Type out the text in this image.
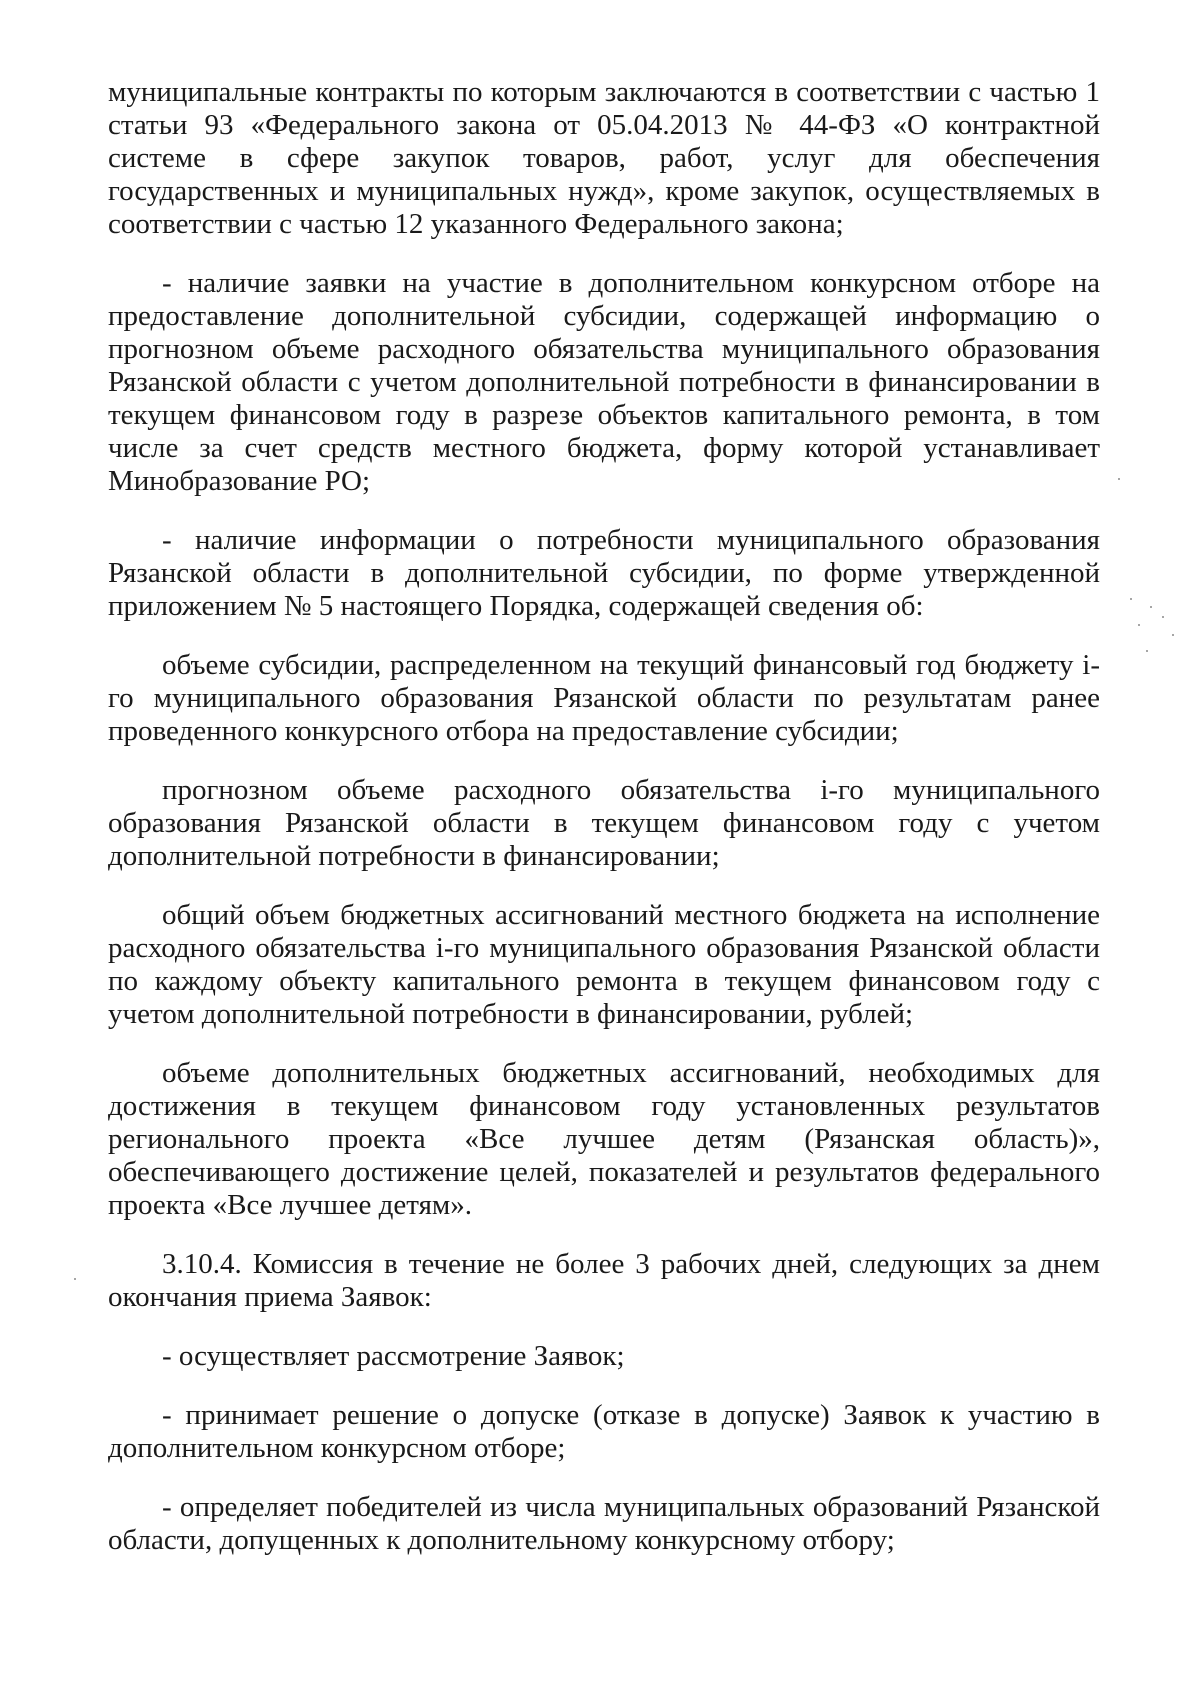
муниципальные контракты по которым заключаются в соответствии с частью 1 статьи 93 «Федерального закона от 05.04.2013 № 44-ФЗ «О контрактной системе в сфере закупок товаров, работ, услуг для обеспечения государственных и муниципальных нужд», кроме закупок, осуществляемых в соответствии с частью 12 указанного Федерального закона;

- наличие заявки на участие в дополнительном конкурсном отборе на предоставление дополнительной субсидии, содержащей информацию о прогнозном объеме расходного обязательства муниципального образования Рязанской области с учетом дополнительной потребности в финансировании в текущем финансовом году в разрезе объектов капитального ремонта, в том числе за счет средств местного бюджета, форму которой устанавливает Минобразование РО;

- наличие информации о потребности муниципального образования Рязанской области в дополнительной субсидии, по форме утвержденной приложением № 5 настоящего Порядка, содержащей сведения об:

объеме субсидии, распределенном на текущий финансовый год бюджету i-го муниципального образования Рязанской области по результатам ранее проведенного конкурсного отбора на предоставление субсидии;

прогнозном объеме расходного обязательства i-го муниципального образования Рязанской области в текущем финансовом году с учетом дополнительной потребности в финансировании;

общий объем бюджетных ассигнований местного бюджета на исполнение расходного обязательства i-го муниципального образования Рязанской области по каждому объекту капитального ремонта в текущем финансовом году с учетом дополнительной потребности в финансировании, рублей;

объеме дополнительных бюджетных ассигнований, необходимых для достижения в текущем финансовом году установленных результатов регионального проекта «Все лучшее детям (Рязанская область)», обеспечивающего достижение целей, показателей и результатов федерального проекта «Все лучшее детям».

3.10.4. Комиссия в течение не более 3 рабочих дней, следующих за днем окончания приема Заявок:

- осуществляет рассмотрение Заявок;

- принимает решение о допуске (отказе в допуске) Заявок к участию в дополнительном конкурсном отборе;

- определяет победителей из числа муниципальных образований Рязанской области, допущенных к дополнительному конкурсному отбору;
